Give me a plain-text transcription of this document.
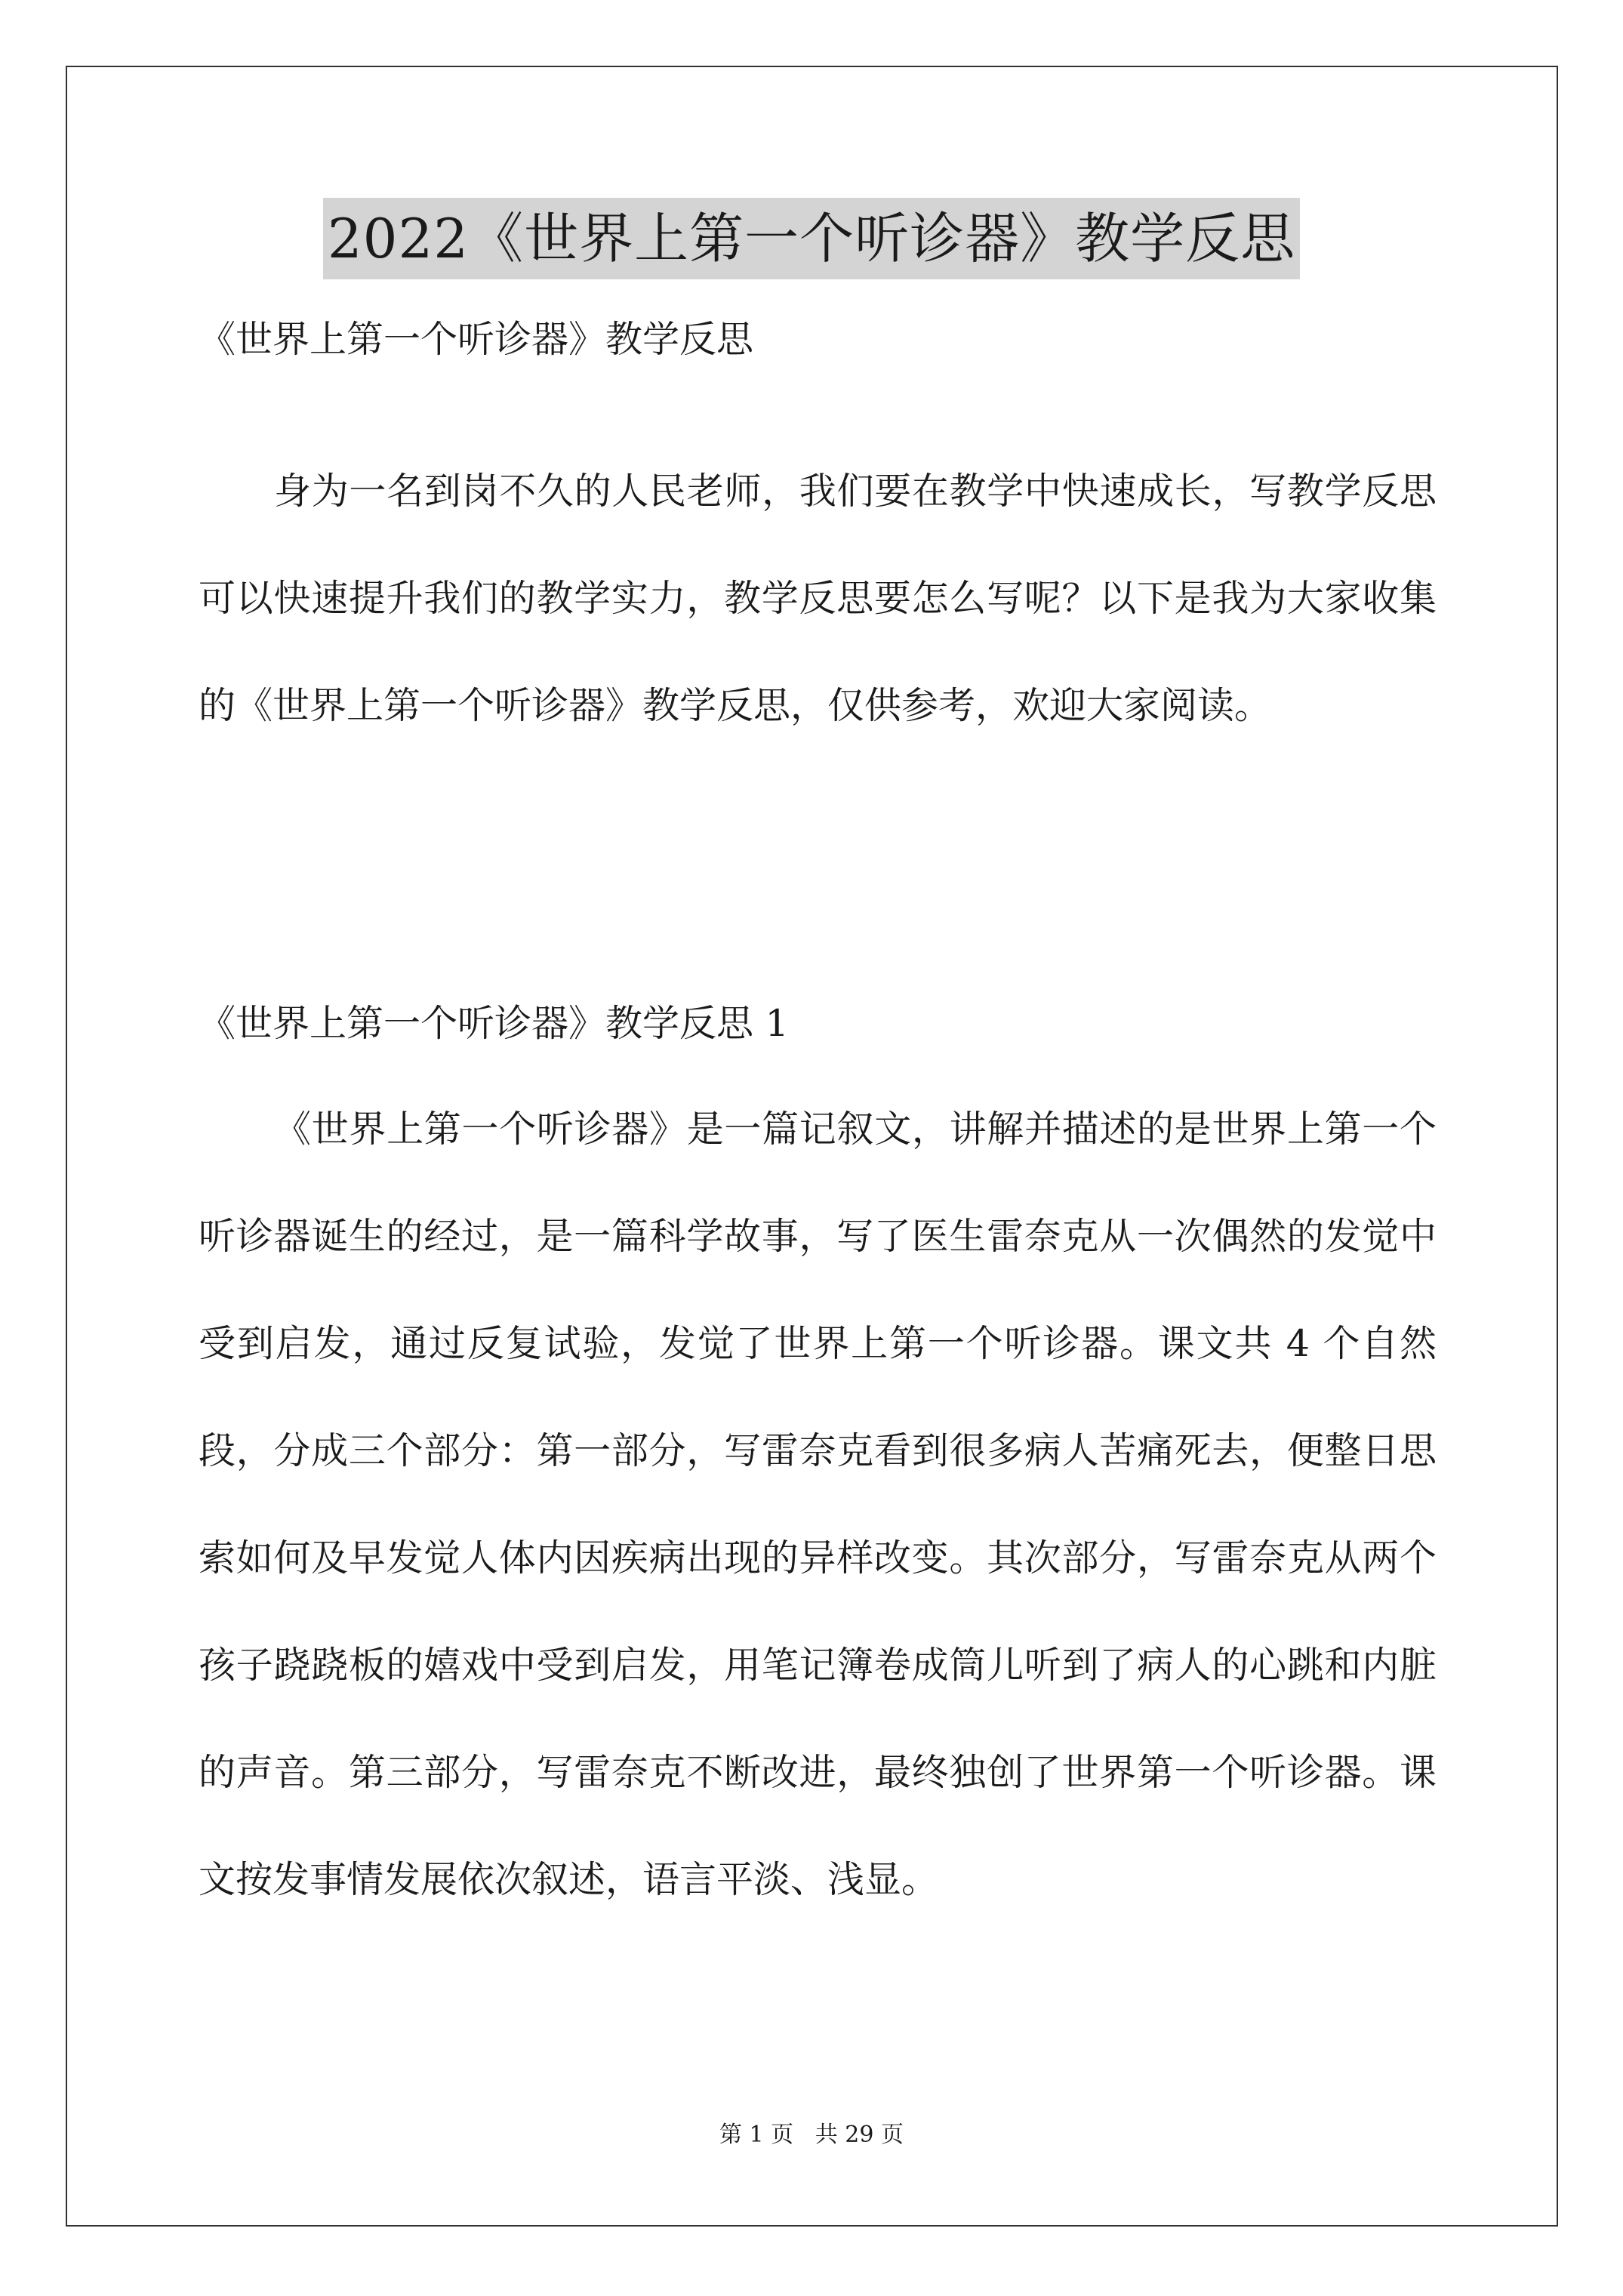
2022《世界上第一个听诊器》教学反思
《世界上第一个听诊器》教学反思

身为一名到岗不久的人民老师，我们要在教学中快速成长，写教学反思可以快速提升我们的教学实力，教学反思要怎么写呢？以下是我为大家收集的《世界上第一个听诊器》教学反思，仅供参考，欢迎大家阅读。

《世界上第一个听诊器》教学反思 1

《世界上第一个听诊器》是一篇记叙文，讲解并描述的是世界上第一个听诊器诞生的经过，是一篇科学故事，写了医生雷奈克从一次偶然的发觉中受到启发，通过反复试验，发觉了世界上第一个听诊器。课文共 4 个自然段，分成三个部分：第一部分，写雷奈克看到很多病人苦痛死去，便整日思索如何及早发觉人体内因疾病出现的异样改变。其次部分，写雷奈克从两个孩子跷跷板的嬉戏中受到启发，用笔记簿卷成筒儿听到了病人的心跳和内脏的声音。第三部分，写雷奈克不断改进，最终独创了世界第一个听诊器。课文按发事情发展依次叙述，语言平淡、浅显。

第 1 页 共 29 页
